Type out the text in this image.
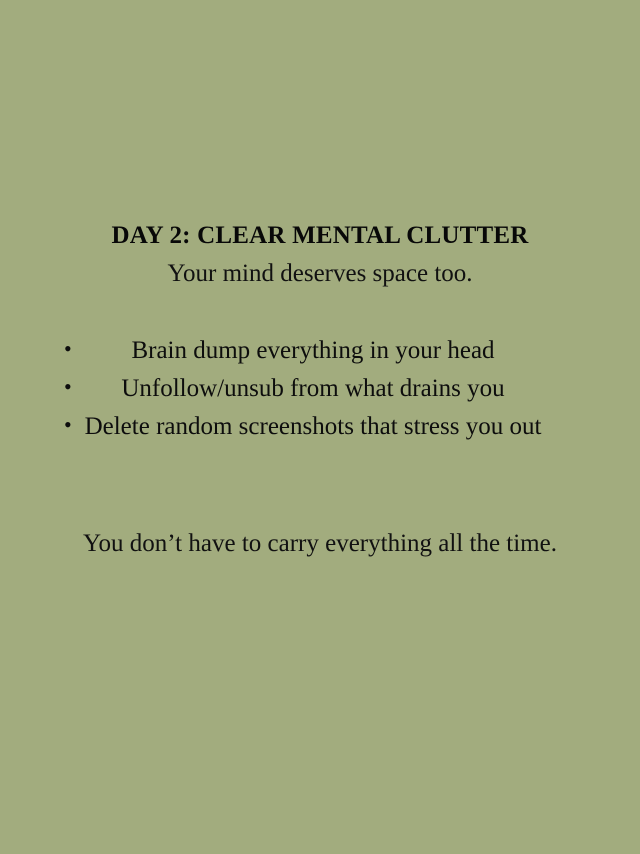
DAY 2: CLEAR MENTAL CLUTTER

Your mind deserves space too.

• Brain dump everything in your head
• Unfollow/unsub from what drains you
• Delete random screenshots that stress you out

You don’t have to carry everything all the time.
